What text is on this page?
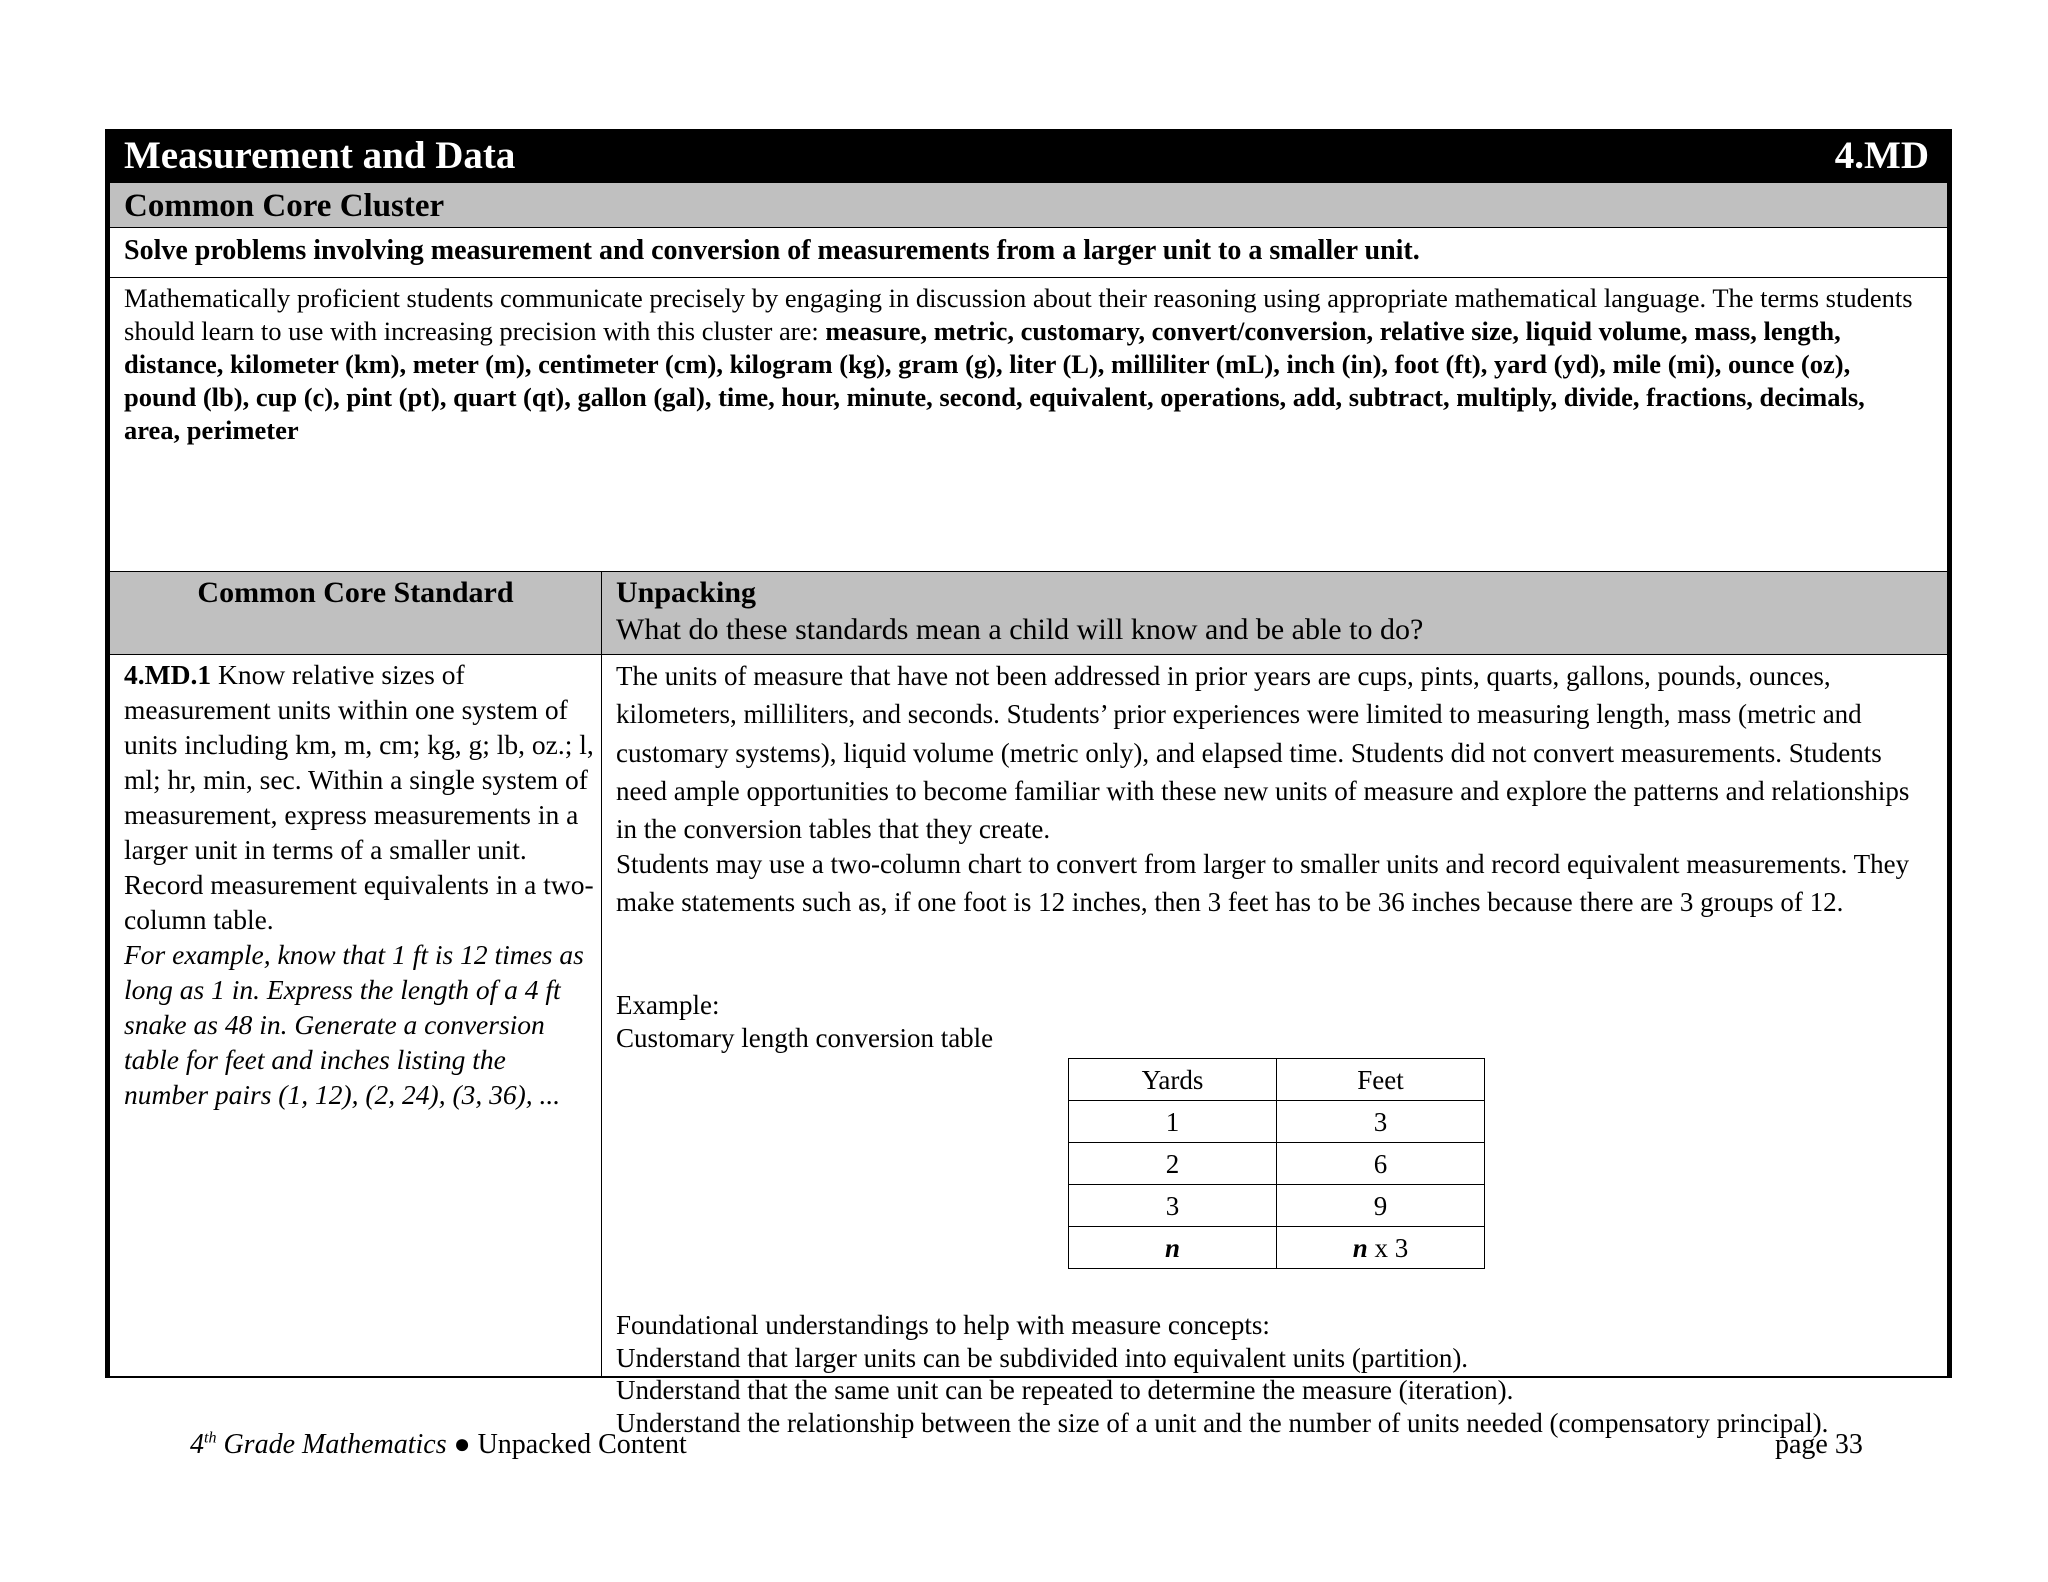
Measurement and Data	4.MD
Common Core Cluster
Solve problems involving measurement and conversion of measurements from a larger unit to a smaller unit.

Mathematically proficient students communicate precisely by engaging in discussion about their reasoning using appropriate mathematical language. The terms students should learn to use with increasing precision with this cluster are: measure, metric, customary, convert/conversion, relative size, liquid volume, mass, length, distance, kilometer (km), meter (m), centimeter (cm), kilogram (kg), gram (g), liter (L), milliliter (mL), inch (in), foot (ft), yard (yd), mile (mi), ounce (oz), pound (lb), cup (c), pint (pt), quart (qt), gallon (gal), time, hour, minute, second, equivalent, operations, add, subtract, multiply, divide, fractions, decimals, area, perimeter

Common Core Standard	Unpacking
What do these standards mean a child will know and be able to do?

4.MD.1 Know relative sizes of measurement units within one system of units including km, m, cm; kg, g; lb, oz.; l, ml; hr, min, sec. Within a single system of measurement, express measurements in a larger unit in terms of a smaller unit. Record measurement equivalents in a two-column table.
For example, know that 1 ft is 12 times as long as 1 in. Express the length of a 4 ft snake as 48 in. Generate a conversion table for feet and inches listing the number pairs (1, 12), (2, 24), (3, 36), ...

The units of measure that have not been addressed in prior years are cups, pints, quarts, gallons, pounds, ounces, kilometers, milliliters, and seconds. Students’ prior experiences were limited to measuring length, mass (metric and customary systems), liquid volume (metric only), and elapsed time. Students did not convert measurements. Students need ample opportunities to become familiar with these new units of measure and explore the patterns and relationships in the conversion tables that they create.

Students may use a two-column chart to convert from larger to smaller units and record equivalent measurements. They make statements such as, if one foot is 12 inches, then 3 feet has to be 36 inches because there are 3 groups of 12.

Example:

Customary length conversion table

Yards	Feet
1	3
2	6
3	9
n	n x 3
Foundational understandings to help with measure concepts:
Understand that larger units can be subdivided into equivalent units (partition).
Understand that the same unit can be repeated to determine the measure (iteration).
Understand the relationship between the size of a unit and the number of units needed (compensatory principal).
4th Grade Mathematics ● Unpacked Content	page 33
